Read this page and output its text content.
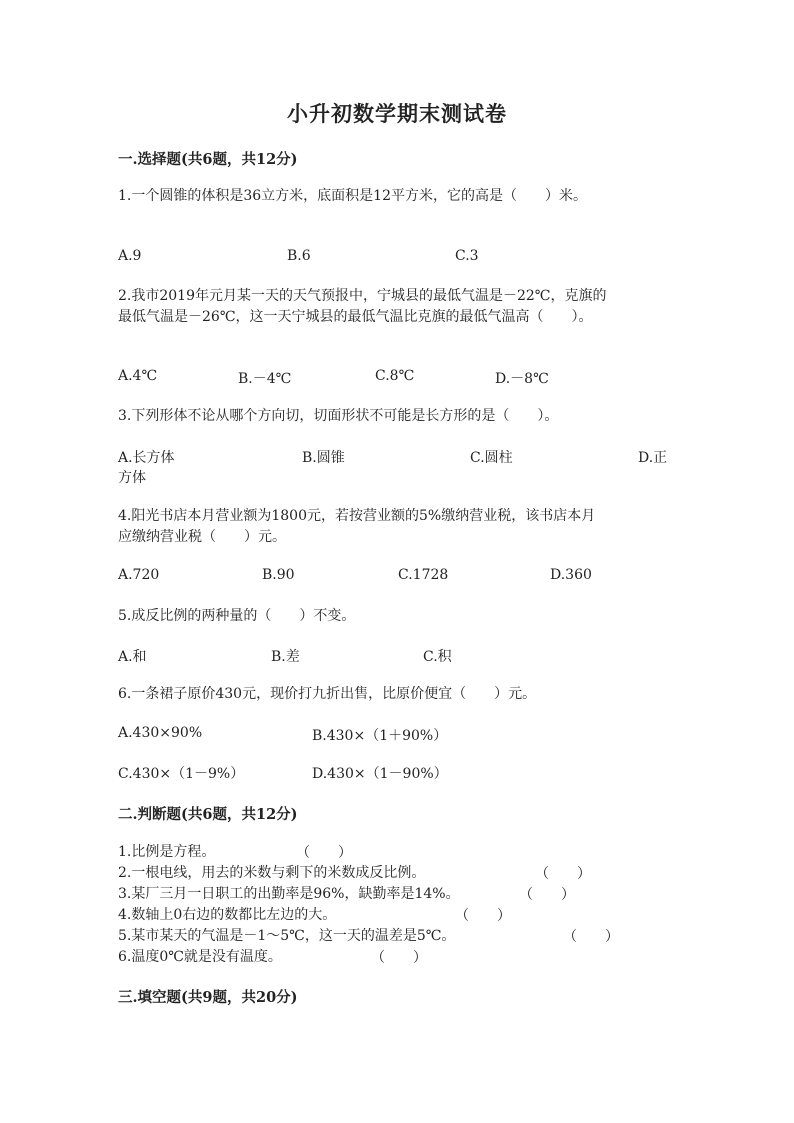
小升初数学期末测试卷
一.选择题(共6题，共12分)
1.一个圆锥的体积是36立方米，底面积是12平方米，它的高是（　　）米。
A.9	B.6	C.3
2.我市2019年元月某一天的天气预报中，宁城县的最低气温是－22℃，克旗的
最低气温是－26℃，这一天宁城县的最低气温比克旗的最低气温高（　　）。
A.4℃	B.－4℃	C.8℃	D.－8℃
3.下列形体不论从哪个方向切，切面形状不可能是长方形的是（　　）。
A.长方体	B.圆锥	C.圆柱	D.正
方体
4.阳光书店本月营业额为1800元，若按营业额的5%缴纳营业税，该书店本月
应缴纳营业税（　　）元。
A.720	B.90	C.1728	D.360
5.成反比例的两种量的（　　）不变。
A.和	B.差	C.积
6.一条裙子原价430元，现价打九折出售，比原价便宜（　　）元。
A.430×90%	B.430×（1＋90%）
C.430×（1－9%）	D.430×（1－90%）
二.判断题(共6题，共12分)
1.比例是方程。	（　　）
2.一根电线，用去的米数与剩下的米数成反比例。	（　　）
3.某厂三月一日职工的出勤率是96%，缺勤率是14%。	（　　）
4.数轴上0右边的数都比左边的大。	（　　）
5.某市某天的气温是－1～5℃，这一天的温差是5℃。	（　　）
6.温度0℃就是没有温度。	（　　）
三.填空题(共9题，共20分)
